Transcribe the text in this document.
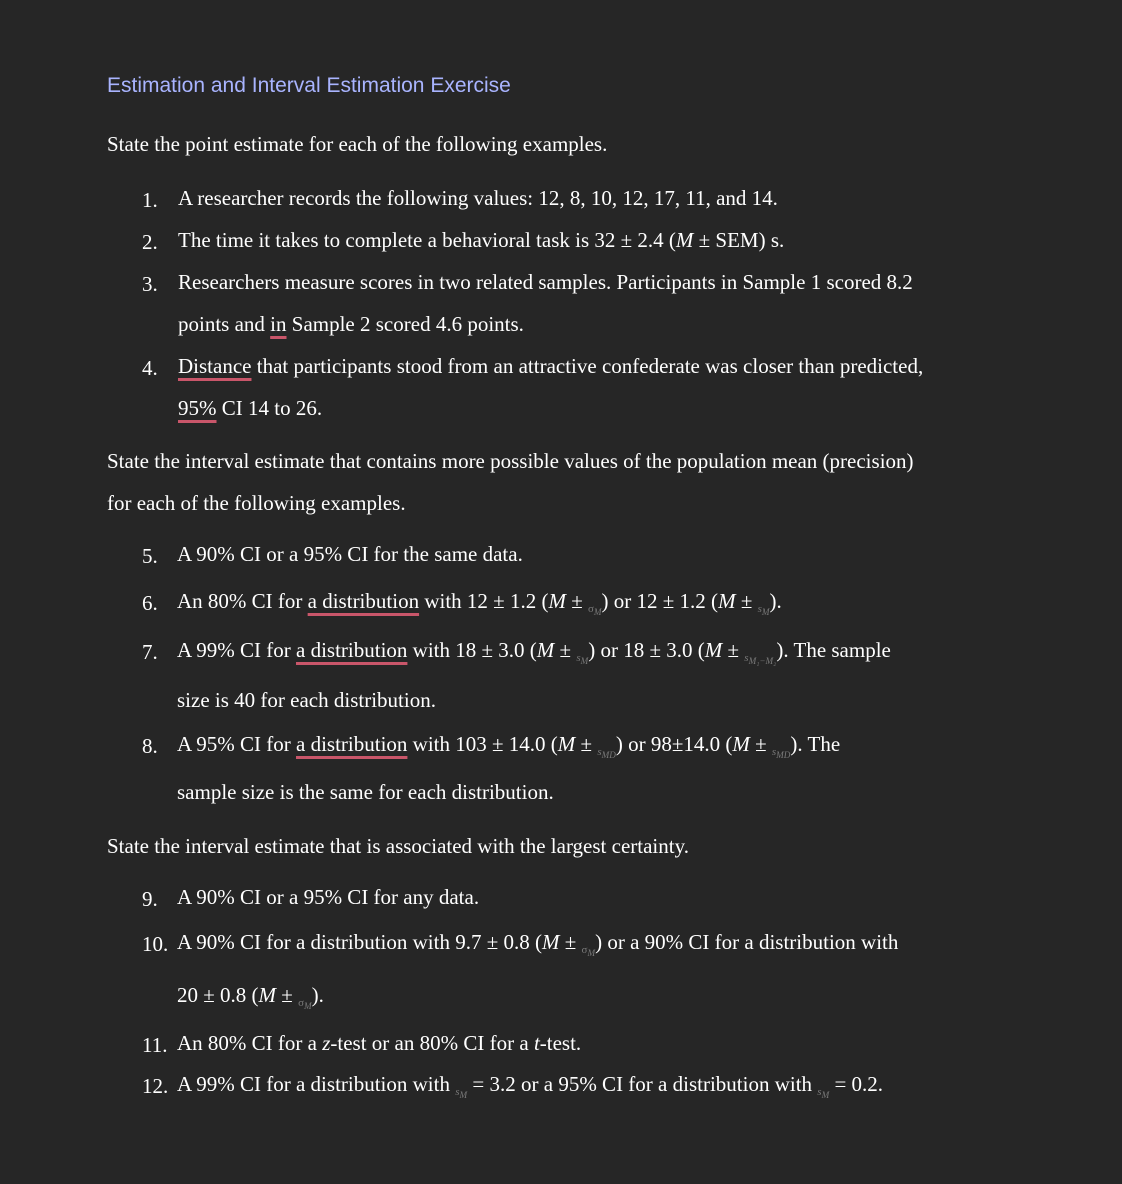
Estimation and Interval Estimation Exercise
State the point estimate for each of the following examples.
1. A researcher records the following values: 12, 8, 10, 12, 17, 11, and 14.
2. The time it takes to complete a behavioral task is 32 ± 2.4 (M ± SEM) s.
3. Researchers measure scores in two related samples. Participants in Sample 1 scored 8.2
points and in Sample 2 scored 4.6 points.
4. Distance that participants stood from an attractive confederate was closer than predicted,
95% CI 14 to 26.
State the interval estimate that contains more possible values of the population mean (precision)
for each of the following examples.
5. A 90% CI or a 95% CI for the same data.
6. An 80% CI for a distribution with 12 ± 1.2 $(M \pm \sigma_M)$ or 12 ± 1.2 $(M \pm s_M)$.
7. A 99% CI for a distribution with 18 ± 3.0 $(M \pm s_M)$ or 18 ± 3.0 $(M \pm s_{M_1-M_2})$. The sample
size is 40 for each distribution.
8. A 95% CI for a distribution with 103 ± 14.0 $(M \pm s_{MD})$ or 98±14.0 $(M \pm s_{MD})$. The
sample size is the same for each distribution.
State the interval estimate that is associated with the largest certainty.
9. A 90% CI or a 95% CI for any data.
10. A 90% CI for a distribution with 9.7 ± 0.8 $(M \pm \sigma_M)$ or a 90% CI for a distribution with
20 ± 0.8 $(M \pm \sigma_M)$.
11. An 80% CI for a z-test or an 80% CI for a t-test.
12. A 99% CI for a distribution with $s_M = 3.2$ or a 95% CI for a distribution with $s_M = 0.2$.
